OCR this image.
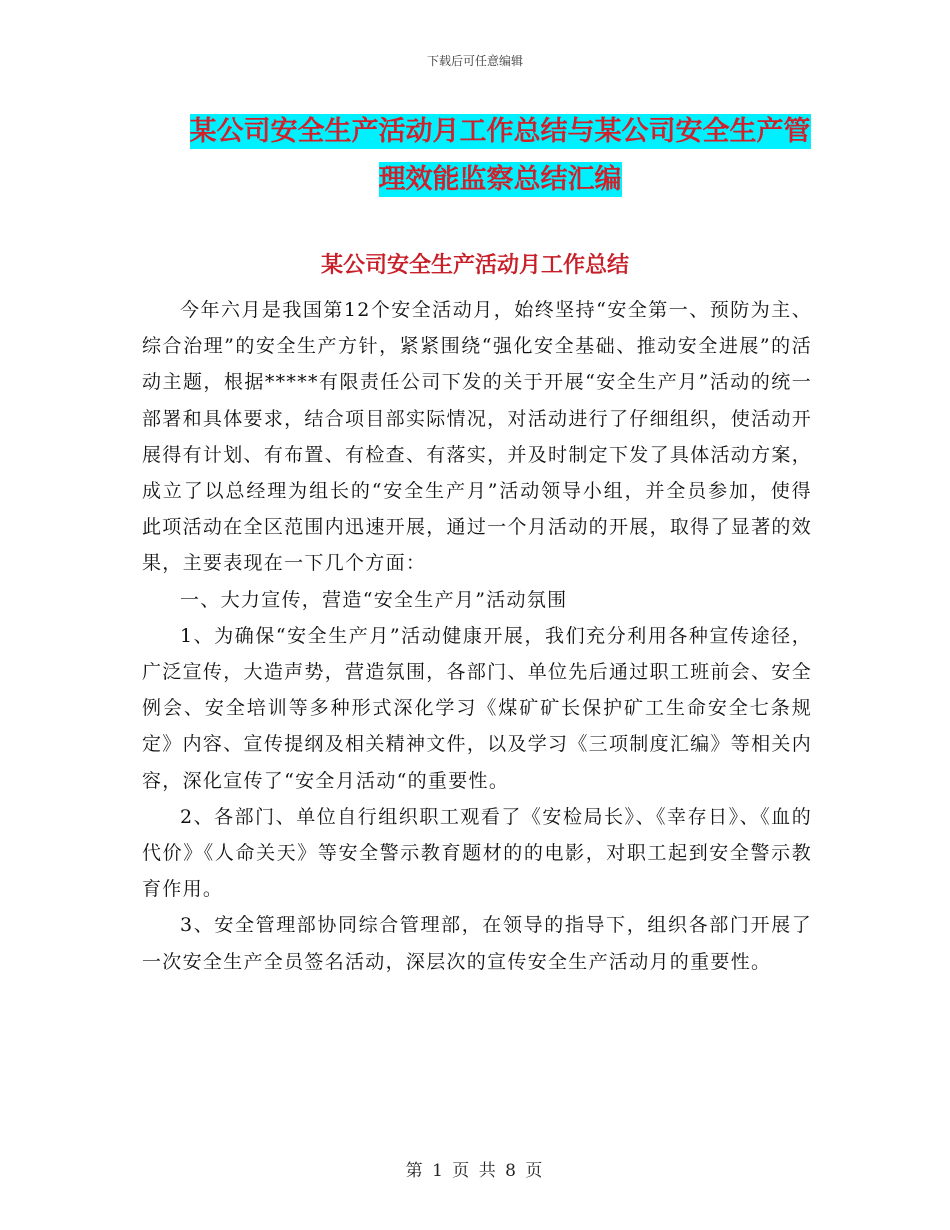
下载后可任意编辑
某公司安全生产活动月工作总结与某公司安全生产管
理效能监察总结汇编
某公司安全生产活动月工作总结

今年六月是我国第12个安全活动月，始终坚持“安全第一、预防为主、综合治理”的安全生产方针，紧紧围绕“强化安全基础、推动安全进展”的活动主题，根据*****有限责任公司下发的关于开展“安全生产月”活动的统一部署和具体要求，结合项目部实际情况，对活动进行了仔细组织，使活动开展得有计划、有布置、有检查、有落实，并及时制定下发了具体活动方案，成立了以总经理为组长的“安全生产月”活动领导小组，并全员参加，使得此项活动在全区范围内迅速开展，通过一个月活动的开展，取得了显著的效果，主要表现在一下几个方面：

一、大力宣传，营造“安全生产月”活动氛围

1、为确保“安全生产月”活动健康开展，我们充分利用各种宣传途径，广泛宣传，大造声势，营造氛围，各部门、单位先后通过职工班前会、安全例会、安全培训等多种形式深化学习《煤矿矿长保护矿工生命安全七条规定》内容、宣传提纲及相关精神文件，以及学习《三项制度汇编》等相关内容，深化宣传了“安全月活动“的重要性。

2、各部门、单位自行组织职工观看了《安检局长》、《幸存日》、《血的代价》《人命关天》等安全警示教育题材的的电影，对职工起到安全警示教育作用。

3、安全管理部协同综合管理部，在领导的指导下，组织各部门开展了一次安全生产全员签名活动，深层次的宣传安全生产活动月的重要性。

第 1 页 共 8 页
